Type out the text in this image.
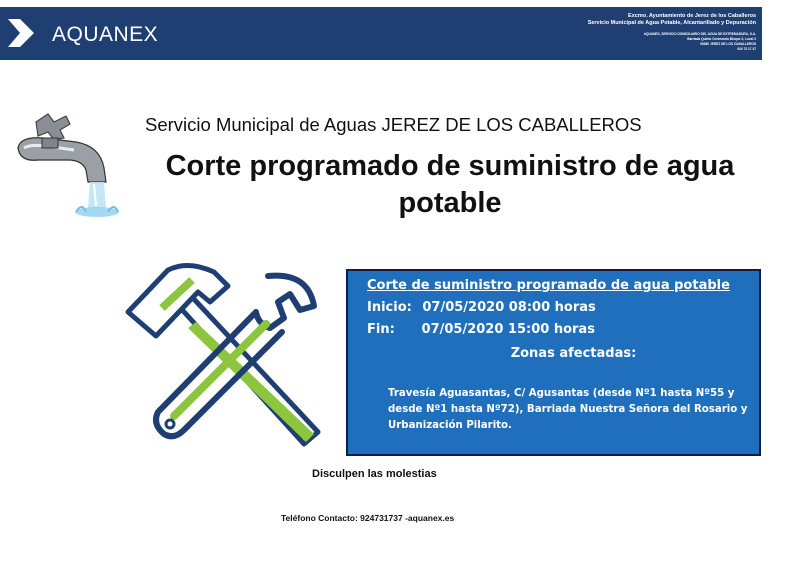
AQUANEX
Excmo. Ayuntamiento de Jerez de los Caballeros
Servicio Municipal de Agua Potable, Alcantarillado y Depuración
AQUANEX, SERVICIO DOMICILIARIO DEL AGUA DE EXTREMADURA, S.A.
Barriada Quinto Centenario Bloque 3, Local 3
06380 JEREZ DE LOS CABALLEROS
924 73 17 37
Servicio Municipal de Aguas JEREZ DE LOS CABALLEROS
Corte programado de suministro de agua potable
Corte de suministro programado de agua potable
Inicio: 07/05/2020 08:00 horas
Fin: 07/05/2020 15:00 horas
Zonas afectadas:
Travesía Aguasantas, C/ Agusantas (desde Nº1 hasta Nº55 y desde Nº1 hasta Nº72), Barriada Nuestra Señora del Rosario y Urbanización Pilarito.
Disculpen las molestias
Teléfono Contacto: 924731737 -aquanex.es
